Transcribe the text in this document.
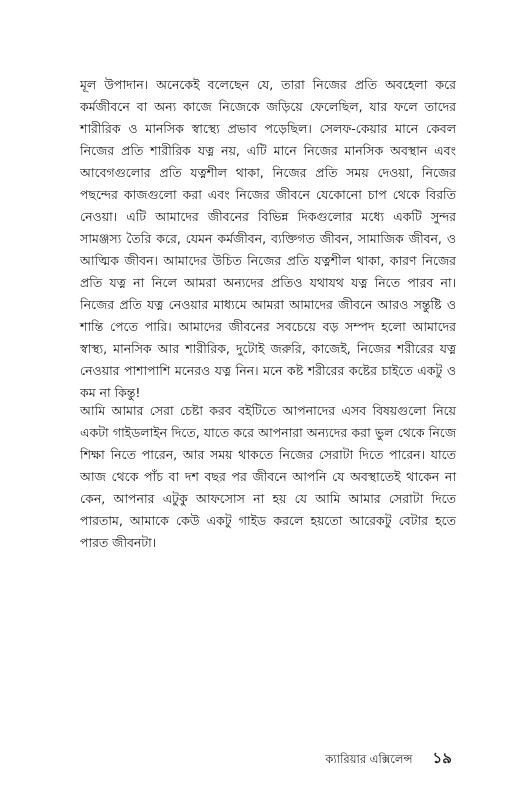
মূল উপাদান। অনেকেই বলেছেন যে, তারা নিজের প্রতি অবহেলা করে কর্মজীবনে বা অন্য কাজে নিজেকে জড়িয়ে ফেলেছিল, যার ফলে তাদের শারীরিক ও মানসিক স্বাস্থ্যে প্রভাব পড়েছিল। সেলফ-কেয়ার মানে কেবল নিজের প্রতি শারীরিক যত্ন নয়, এটি মানে নিজের মানসিক অবস্থান এবং আবেগগুলোর প্রতি যত্নশীল থাকা, নিজের প্রতি সময় দেওয়া, নিজের পছন্দের কাজগুলো করা এবং নিজের জীবনে যেকোনো চাপ থেকে বিরতি নেওয়া। এটি আমাদের জীবনের বিভিন্ন দিকগুলোর মধ্যে একটি সুন্দর সামঞ্জস্য তৈরি করে, যেমন কর্মজীবন, ব্যক্তিগত জীবন, সামাজিক জীবন, ও আত্মিক জীবন। আমাদের উচিত নিজের প্রতি যত্নশীল থাকা, কারণ নিজের প্রতি যত্ন না নিলে আমরা অন্যদের প্রতিও যথাযথ যত্ন নিতে পারব না। নিজের প্রতি যত্ন নেওয়ার মাধ্যমে আমরা আমাদের জীবনে আরও সন্তুষ্টি ও শান্তি পেতে পারি। আমাদের জীবনের সবচেয়ে বড় সম্পদ হলো আমাদের স্বাস্থ্য, মানসিক আর শারীরিক, দুটোই জরুরি, কাজেই, নিজের শরীরের যত্ন নেওয়ার পাশাপাশি মনেরও যত্ন নিন। মনে কষ্ট শরীরের কষ্টের চাইতে একটু ও কম না কিন্তু!

আমি আমার সেরা চেষ্টা করব বইটিতে আপনাদের এসব বিষয়গুলো নিয়ে একটা গাইডলাইন দিতে, যাতে করে আপনারা অন্যদের করা ভুল থেকে নিজে শিক্ষা নিতে পারেন, আর সময় থাকতে নিজের সেরাটা দিতে পারেন। যাতে আজ থেকে পাঁচ বা দশ বছর পর জীবনে আপনি যে অবস্থাতেই থাকেন না কেন, আপনার এটুকু আফসোস না হয় যে আমি আমার সেরাটা দিতে পারতাম, আমাকে কেউ একটু গাইড করলে হয়তো আরেকটু বেটার হতে পারত জীবনটা।

ক্যারিয়ার এক্সিলেন্স ১৯
